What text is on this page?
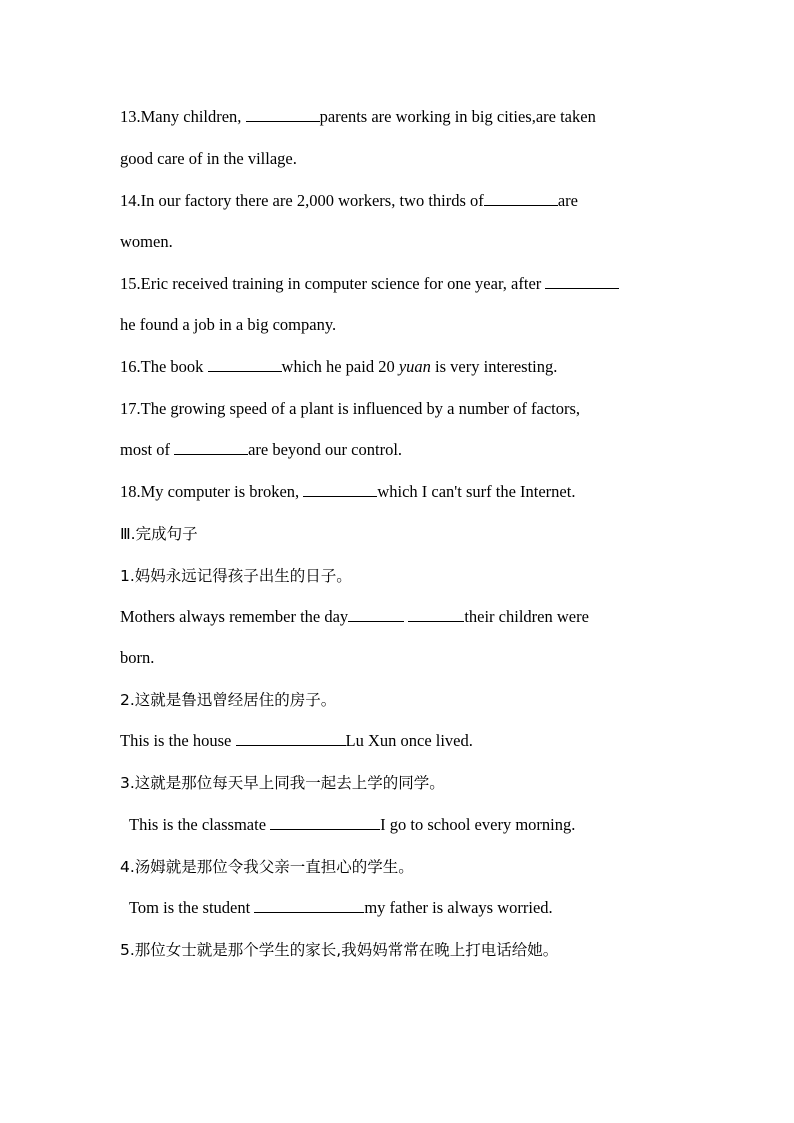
13.Many children,	parents are working in big cities,are taken
good care of in the village.
14.In our factory there are 2,000 workers, two thirds of	are
women.
15.Eric received training in computer science for one year, after
he found a job in a big company.
16.The book	which he paid 20 yuan is very interesting.
17.The growing speed of a plant is influenced by a number of factors,
most of	are beyond our control.
18.My computer is broken,	which I can't surf the Internet.
Ⅲ.完成句子
1.妈妈永远记得孩子出生的日子。
Mothers always remember the day	their children were
born.
2.这就是鲁迅曾经居住的房子。
This is the house	Lu Xun once lived.
3.这就是那位每天早上同我一起去上学的同学。
This is the classmate	I go to school every morning.
4.汤姆就是那位令我父亲一直担心的学生。
Tom is the student	my father is always worried.
5.那位女士就是那个学生的家长,我妈妈常常在晚上打电话给她。
